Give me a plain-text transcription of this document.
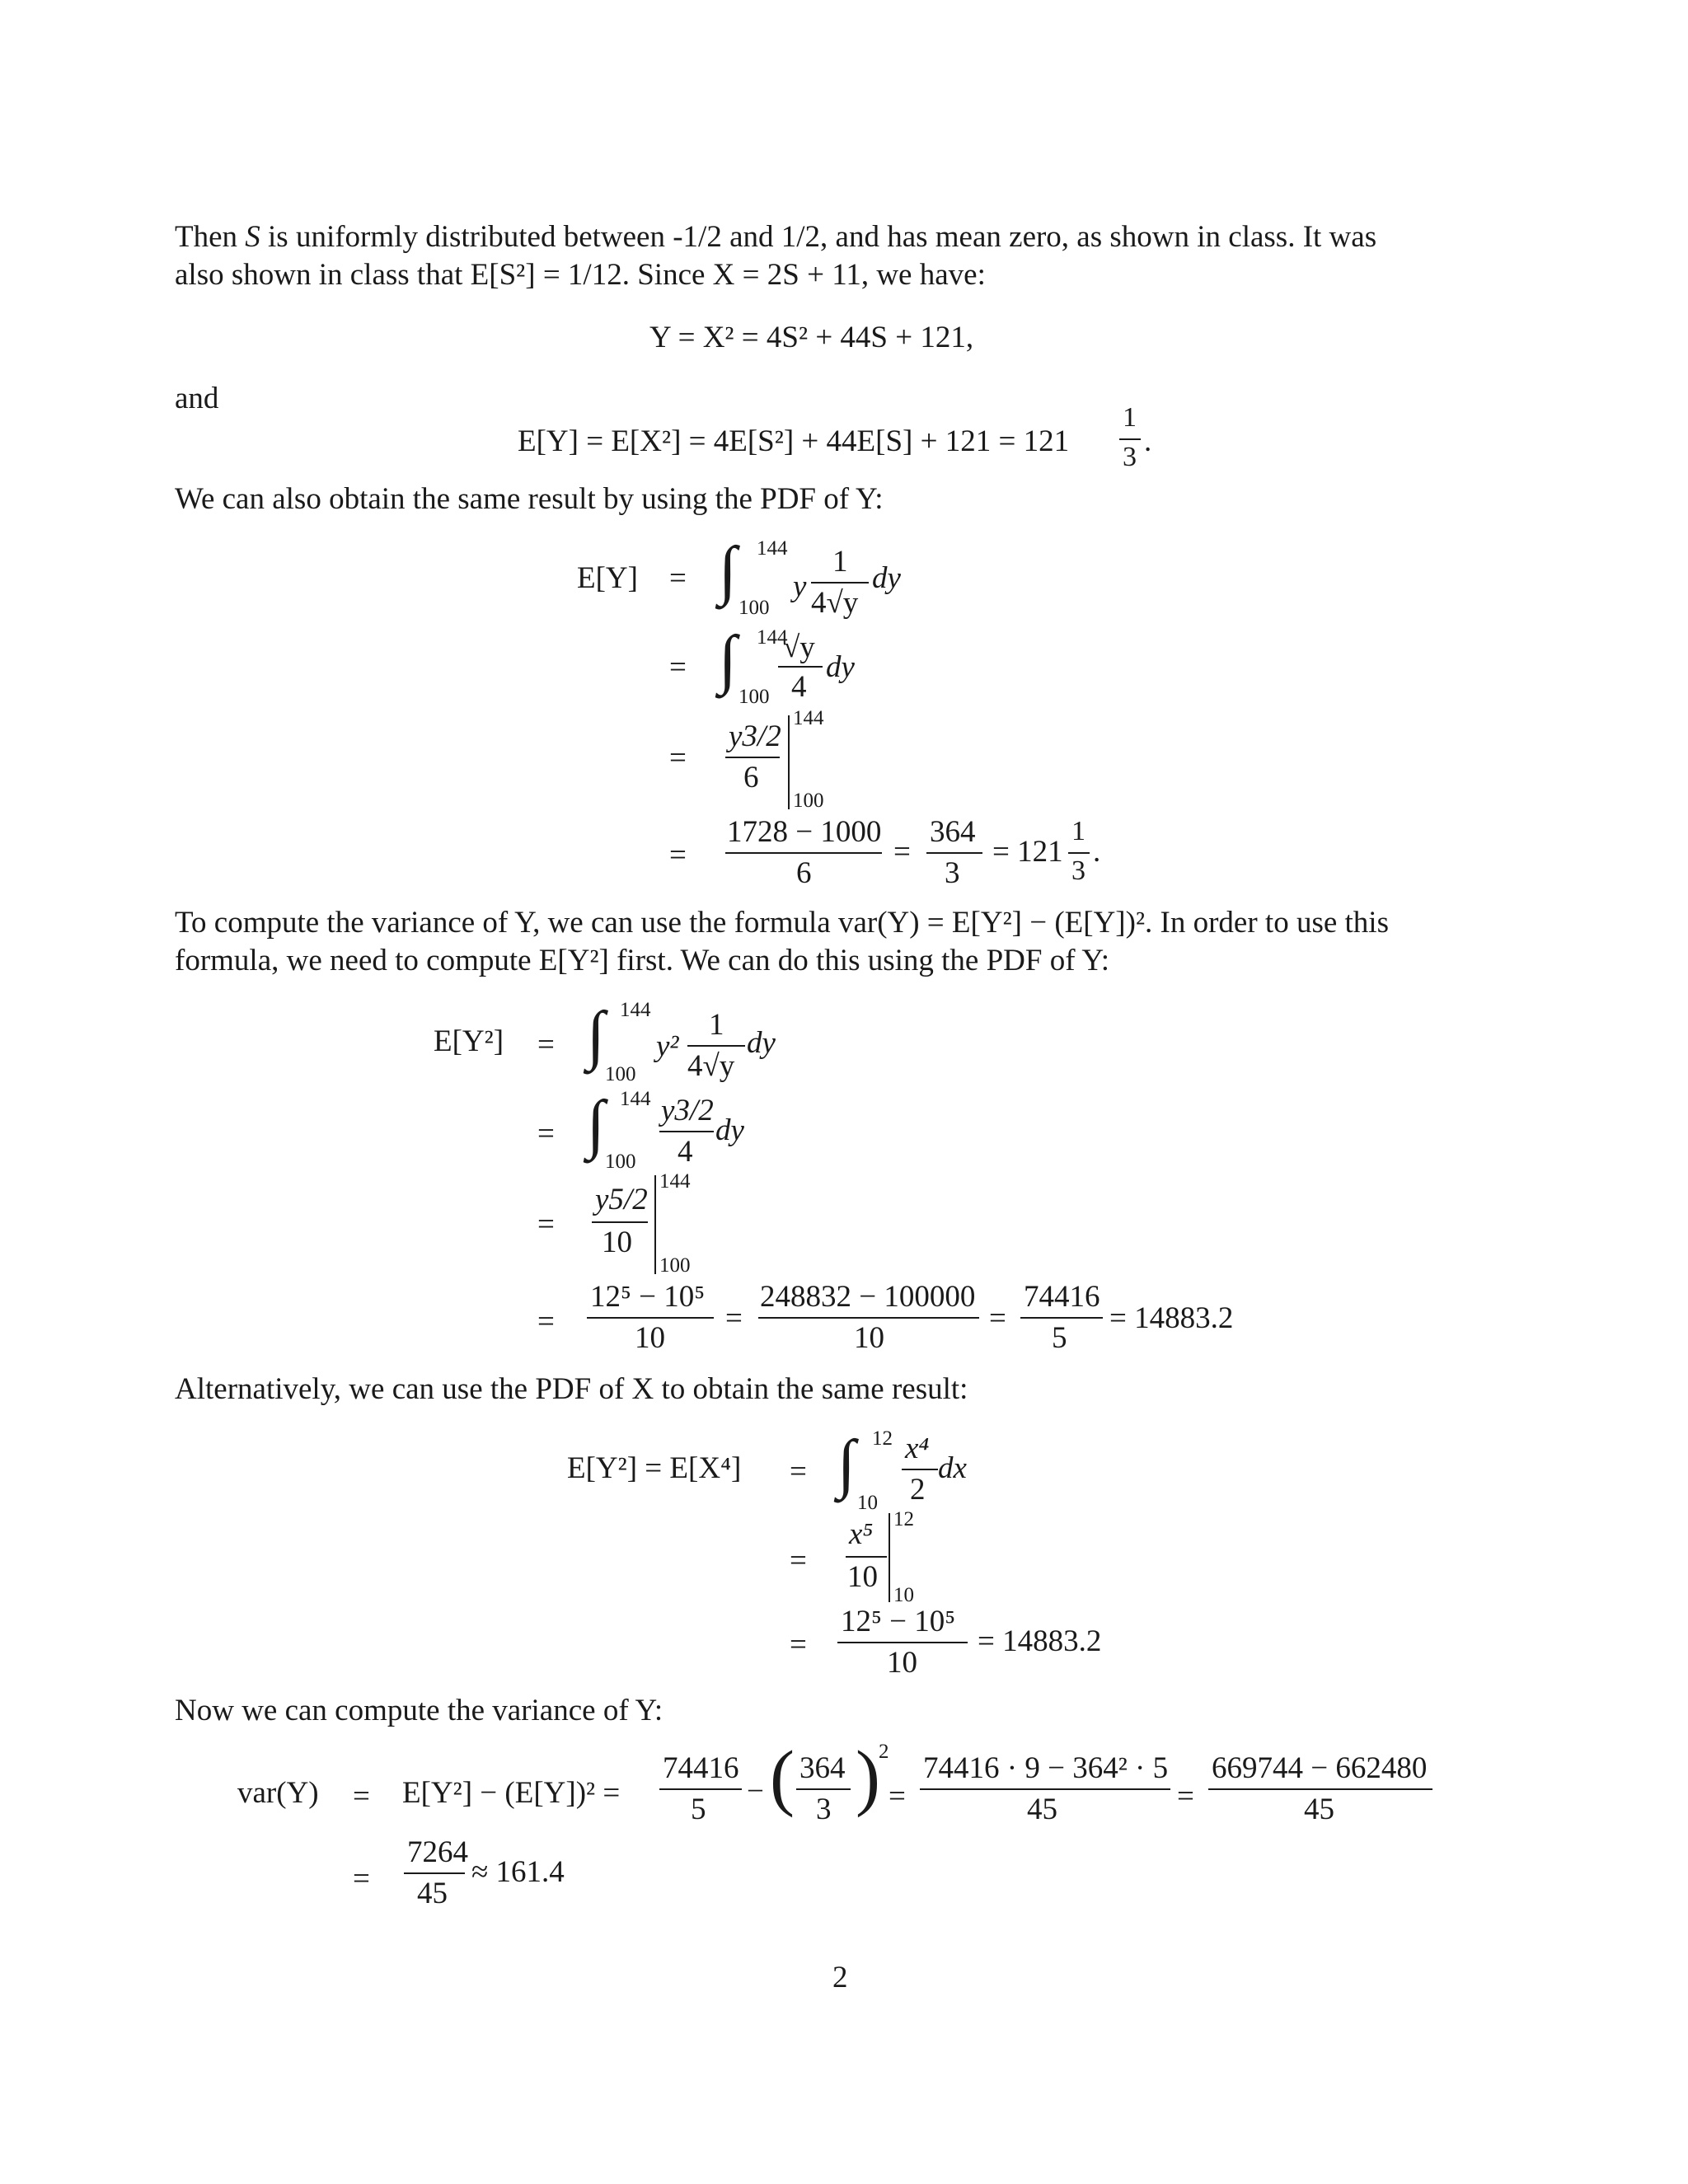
Then S is uniformly distributed between -1/2 and 1/2, and has mean zero, as shown in class. It was
also shown in class that E[S²] = 1/12. Since X = 2S + 11, we have:
Y = X² = 4S² + 44S + 121,
and
E[Y] = E[X²] = 4E[S²] + 44E[S] + 121 = 121
1
3 .
We can also obtain the same result by using the PDF of Y:
E[Y] = ∫ 144
100
y
1
4√y
dy
= ∫ 144
100
√y
4
dy
=
y3/2
6
144
100
=
1728 − 1000
6
=
364
3
= 121
1
3
.
To compute the variance of Y, we can use the formula var(Y) = E[Y²] − (E[Y])². In order to use this
formula, we need to compute E[Y²] first. We can do this using the PDF of Y:
E[Y²] = ∫ 144
100
y²
1
4√y
dy
= ∫ 144
100
y3/2
4
dy
=
y5/2
10
144
100
=
12⁵ − 10⁵
10
=
248832 − 100000
10
=
74416
5
= 14883.2
Alternatively, we can use the PDF of X to obtain the same result:
E[Y²] = E[X⁴] = ∫ 12
10
x⁴
2
dx
=
x⁵
10
12
10
=
12⁵ − 10⁵
10
= 14883.2
Now we can compute the variance of Y:
var(Y) = E[Y²] − (E[Y])² =
74416
5
− ( 364
3 )
2
=
74416 · 9 − 364² · 5
45	=
669744 − 662480
45
=
7264
45
≈ 161.4
2
